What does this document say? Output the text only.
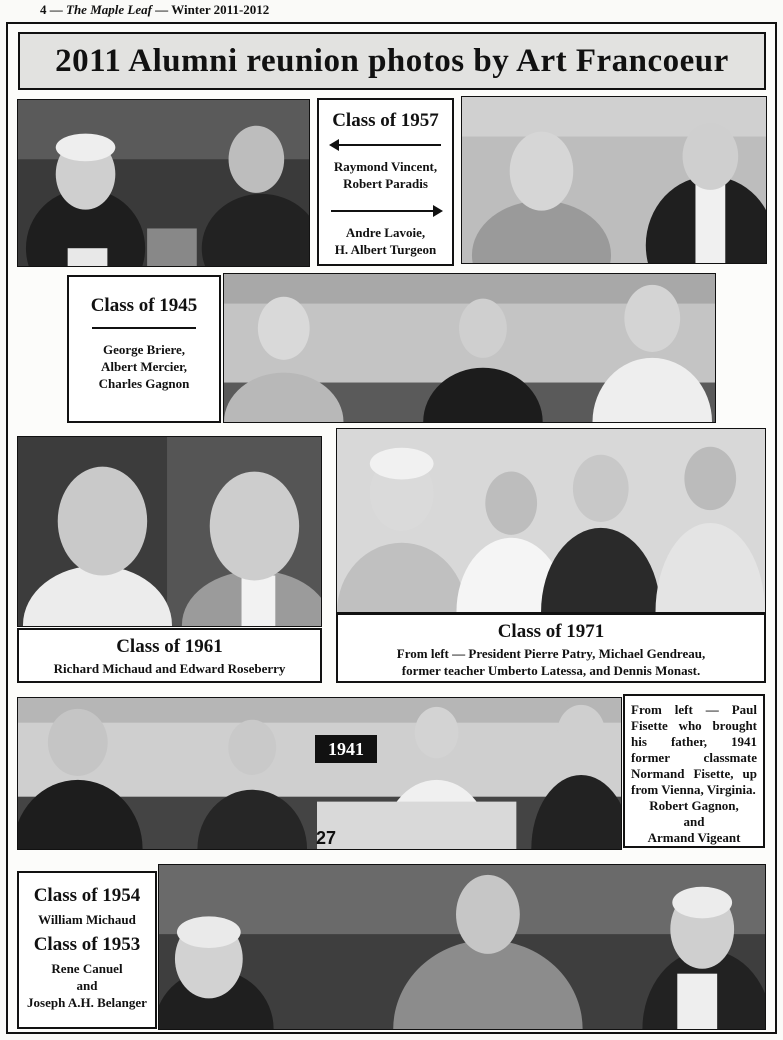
4 — The Maple Leaf — Winter 2011-2012
2011 Alumni reunion photos by Art Francoeur
Class of 1957
Raymond Vincent,
Robert Paradis
Andre Lavoie,
H. Albert Turgeon
Class of 1945
George Briere,
Albert Mercier,
Charles Gagnon
Class of 1961
Richard Michaud and Edward Roseberry
Class of 1971
From left — President Pierre Patry, Michael Gendreau,
former teacher Umberto Latessa, and Dennis Monast.
27
1941
From left — Paul Fisette who brought his father, 1941 former classmate Normand Fisette, up from Vienna, Virginia.
Robert Gagnon,
and
Armand Vigeant
Class of 1954
William Michaud
Class of 1953
Rene Canuel
and
Joseph A.H. Belanger
